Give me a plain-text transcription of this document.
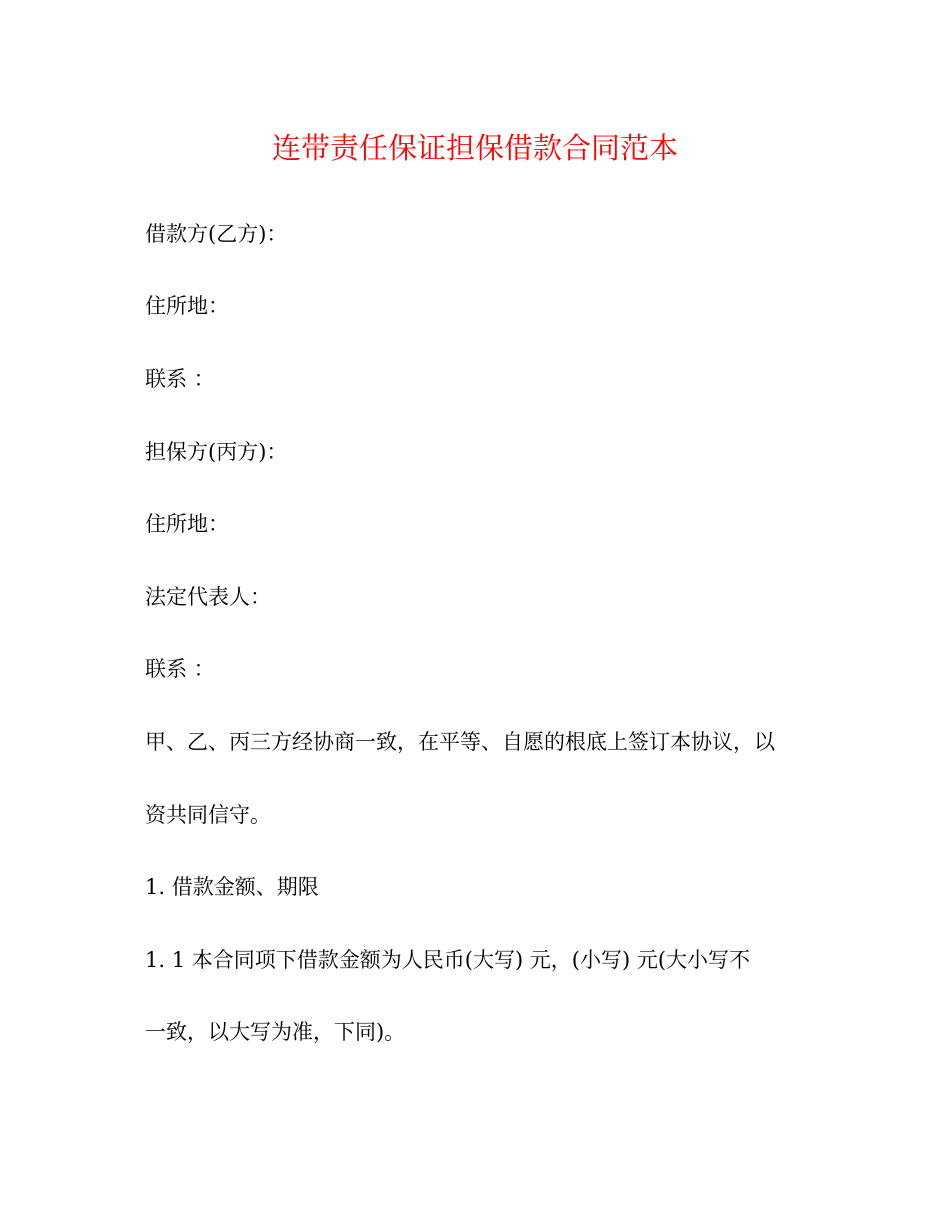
连带责任保证担保借款合同范本

借款方(乙方)：

住所地：

联系 ：

担保方(丙方)：

住所地：

法定代表人：

联系 ：

甲、乙、丙三方经协商一致，在平等、自愿的根底上签订本协议，以

资共同信守。

1. 借款金额、期限

1. 1 本合同项下借款金额为人民币(大写) 元，(小写) 元(大小写不

一致，以大写为准，下同)。
